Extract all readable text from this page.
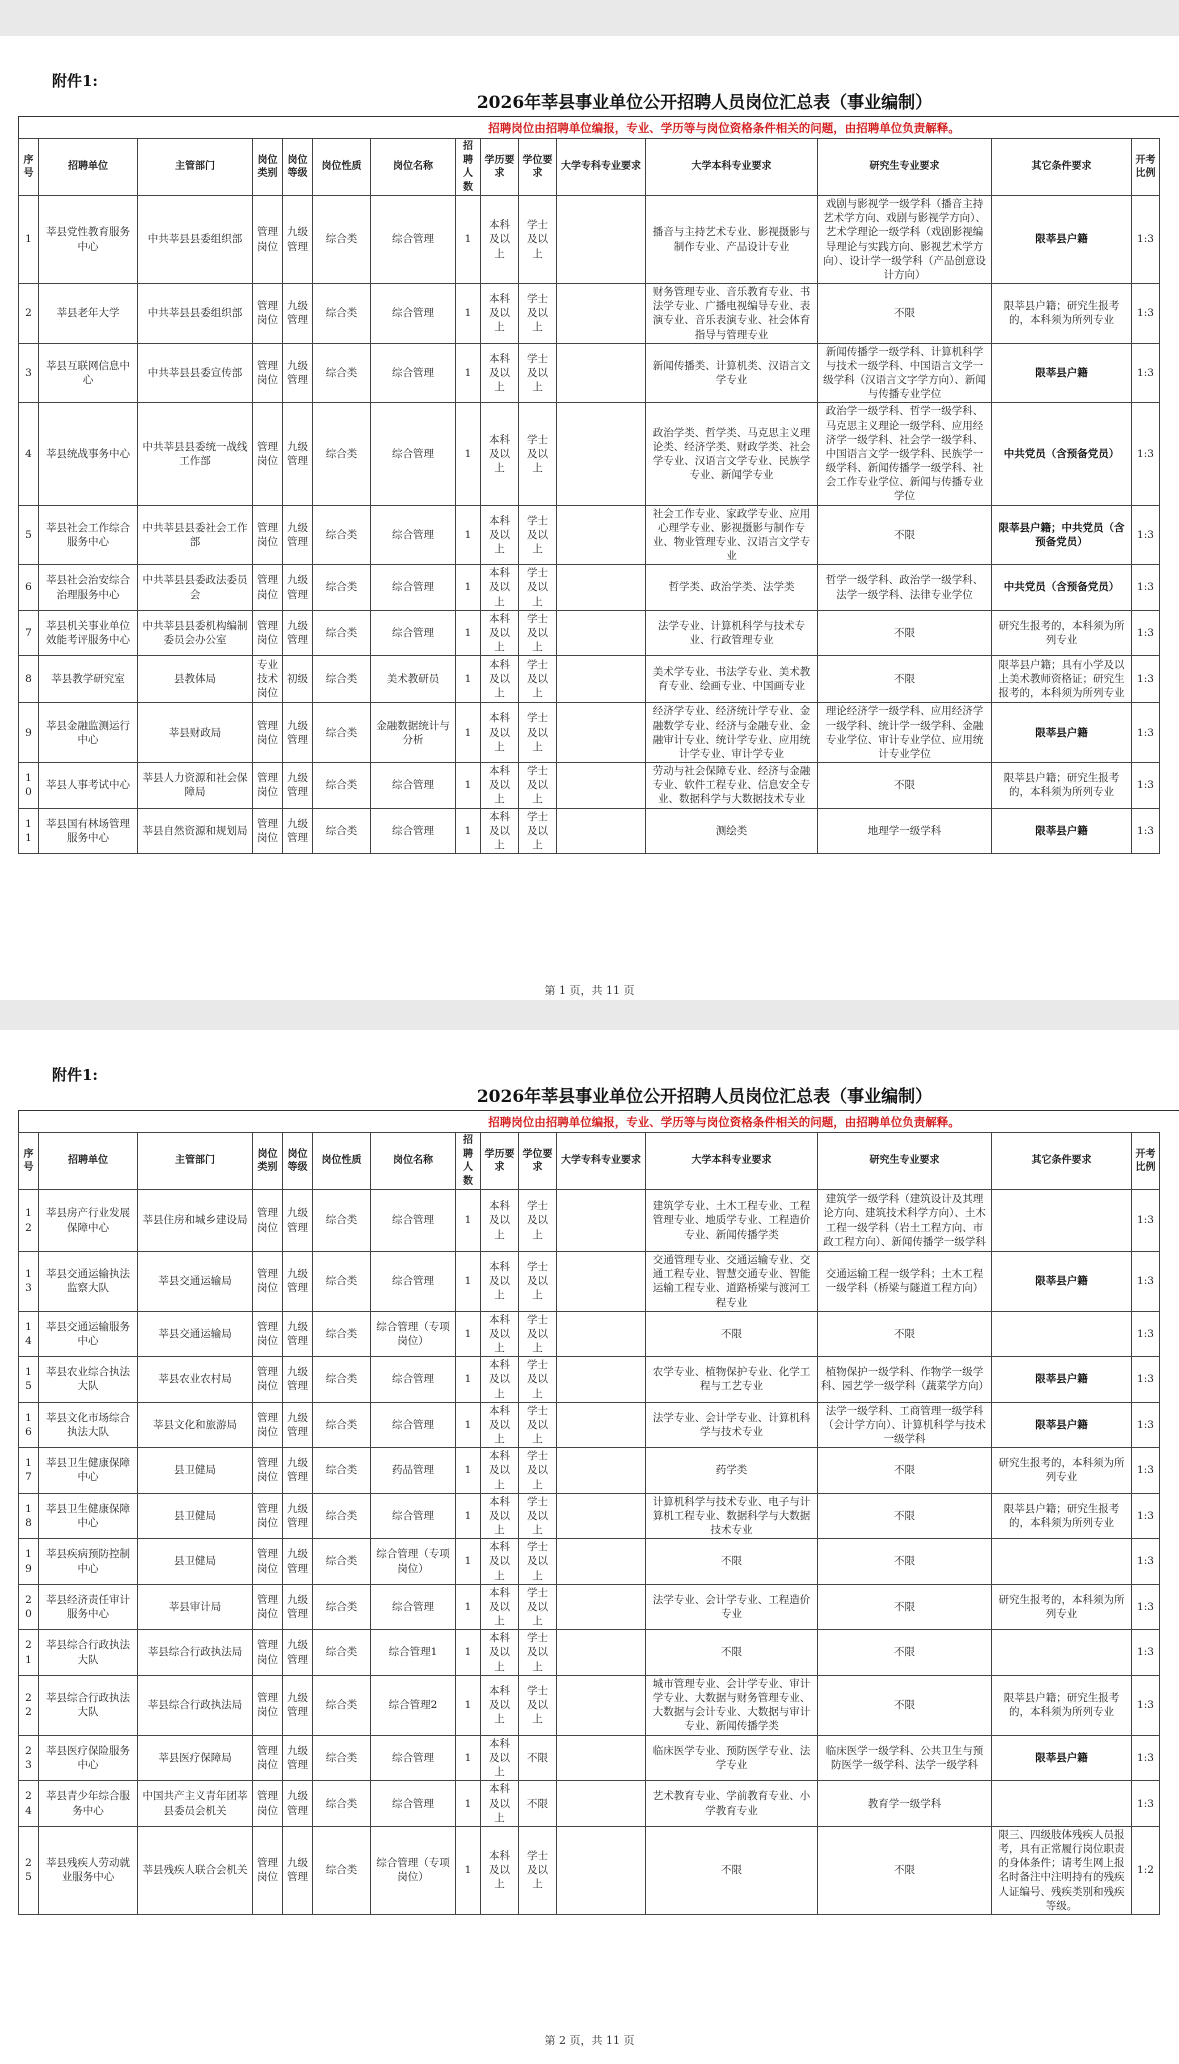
附件1:
2026年莘县事业单位公开招聘人员岗位汇总表（事业编制）
招聘岗位由招聘单位编报，专业、学历等与岗位资格条件相关的问题，由招聘单位负责解释。
序号	招聘单位	主管部门	岗位类别	岗位等级	岗位性质	岗位名称	招聘人数	学历要求	学位要求	大学专科专业要求	大学本科专业要求	研究生专业要求	其它条件要求	开考比例
1	莘县党性教育服务中心	中共莘县县委组织部	管理岗位	九级管理	综合类	综合管理	1	本科及以上	学士及以上		播音与主持艺术专业、影视摄影与制作专业、产品设计专业	戏剧与影视学一级学科（播音主持艺术学方向、戏剧与影视学方向）、艺术学理论一级学科（戏剧影视编导理论与实践方向、影视艺术学方向）、设计学一级学科（产品创意设计方向）	限莘县户籍	1:3
2	莘县老年大学	中共莘县县委组织部	管理岗位	九级管理	综合类	综合管理	1	本科及以上	学士及以上		财务管理专业、音乐教育专业、书法学专业、广播电视编导专业、表演专业、音乐表演专业、社会体育指导与管理专业	不限	限莘县户籍；研究生报考的，本科须为所列专业	1:3
3	莘县互联网信息中心	中共莘县县委宣传部	管理岗位	九级管理	综合类	综合管理	1	本科及以上	学士及以上		新闻传播类、计算机类、汉语言文学专业	新闻传播学一级学科、计算机科学与技术一级学科、中国语言文学一级学科（汉语言文字学方向）、新闻与传播专业学位	限莘县户籍	1:3
4	莘县统战事务中心	中共莘县县委统一战线工作部	管理岗位	九级管理	综合类	综合管理	1	本科及以上	学士及以上		政治学类、哲学类、马克思主义理论类、经济学类、财政学类、社会学专业、汉语言文学专业、民族学专业、新闻学专业	政治学一级学科、哲学一级学科、马克思主义理论一级学科、应用经济学一级学科、社会学一级学科、中国语言文学一级学科、民族学一级学科、新闻传播学一级学科、社会工作专业学位、新闻与传播专业学位	中共党员（含预备党员）	1:3
5	莘县社会工作综合服务中心	中共莘县县委社会工作部	管理岗位	九级管理	综合类	综合管理	1	本科及以上	学士及以上		社会工作专业、家政学专业、应用心理学专业、影视摄影与制作专业、物业管理专业、汉语言文学专业	不限	限莘县户籍；中共党员（含预备党员）	1:3
6	莘县社会治安综合治理服务中心	中共莘县县委政法委员会	管理岗位	九级管理	综合类	综合管理	1	本科及以上	学士及以上		哲学类、政治学类、法学类	哲学一级学科、政治学一级学科、法学一级学科、法律专业学位	中共党员（含预备党员）	1:3
7	莘县机关事业单位效能考评服务中心	中共莘县县委机构编制委员会办公室	管理岗位	九级管理	综合类	综合管理	1	本科及以上	学士及以上		法学专业、计算机科学与技术专业、行政管理专业	不限	研究生报考的，本科须为所列专业	1:3
8	莘县教学研究室	县教体局	专业技术岗位	初级	综合类	美术教研员	1	本科及以上	学士及以上		美术学专业、书法学专业、美术教育专业、绘画专业、中国画专业	不限	限莘县户籍；具有小学及以上美术教师资格证；研究生报考的，本科须为所列专业	1:3
9	莘县金融监测运行中心	莘县财政局	管理岗位	九级管理	综合类	金融数据统计与分析	1	本科及以上	学士及以上		经济学专业、经济统计学专业、金融数学专业、经济与金融专业、金融审计专业、统计学专业、应用统计学专业、审计学专业	理论经济学一级学科、应用经济学一级学科、统计学一级学科、金融专业学位、审计专业学位、应用统计专业学位	限莘县户籍	1:3
10	莘县人事考试中心	莘县人力资源和社会保障局	管理岗位	九级管理	综合类	综合管理	1	本科及以上	学士及以上		劳动与社会保障专业、经济与金融专业、软件工程专业、信息安全专业、数据科学与大数据技术专业	不限	限莘县户籍；研究生报考的，本科须为所列专业	1:3
11	莘县国有林场管理服务中心	莘县自然资源和规划局	管理岗位	九级管理	综合类	综合管理	1	本科及以上	学士及以上		测绘类	地理学一级学科	限莘县户籍	1:3
第 1 页，共 11 页
附件1:
2026年莘县事业单位公开招聘人员岗位汇总表（事业编制）
招聘岗位由招聘单位编报，专业、学历等与岗位资格条件相关的问题，由招聘单位负责解释。
序号	招聘单位	主管部门	岗位类别	岗位等级	岗位性质	岗位名称	招聘人数	学历要求	学位要求	大学专科专业要求	大学本科专业要求	研究生专业要求	其它条件要求	开考比例
12	莘县房产行业发展保障中心	莘县住房和城乡建设局	管理岗位	九级管理	综合类	综合管理	1	本科及以上	学士及以上		建筑学专业、土木工程专业、工程管理专业、地质学专业、工程造价专业、新闻传播学类	建筑学一级学科（建筑设计及其理论方向、建筑技术科学方向）、土木工程一级学科（岩土工程方向、市政工程方向）、新闻传播学一级学科		1:3
13	莘县交通运输执法监察大队	莘县交通运输局	管理岗位	九级管理	综合类	综合管理	1	本科及以上	学士及以上		交通管理专业、交通运输专业、交通工程专业、智慧交通专业、智能运输工程专业、道路桥梁与渡河工程专业	交通运输工程一级学科；土木工程一级学科（桥梁与隧道工程方向）	限莘县户籍	1:3
14	莘县交通运输服务中心	莘县交通运输局	管理岗位	九级管理	综合类	综合管理（专项岗位）	1	本科及以上	学士及以上		不限	不限		1:3
15	莘县农业综合执法大队	莘县农业农村局	管理岗位	九级管理	综合类	综合管理	1	本科及以上	学士及以上		农学专业、植物保护专业、化学工程与工艺专业	植物保护一级学科、作物学一级学科、园艺学一级学科（蔬菜学方向）	限莘县户籍	1:3
16	莘县文化市场综合执法大队	莘县文化和旅游局	管理岗位	九级管理	综合类	综合管理	1	本科及以上	学士及以上		法学专业、会计学专业、计算机科学与技术专业	法学一级学科、工商管理一级学科（会计学方向）、计算机科学与技术一级学科	限莘县户籍	1:3
17	莘县卫生健康保障中心	县卫健局	管理岗位	九级管理	综合类	药品管理	1	本科及以上	学士及以上		药学类	不限	研究生报考的，本科须为所列专业	1:3
18	莘县卫生健康保障中心	县卫健局	管理岗位	九级管理	综合类	综合管理	1	本科及以上	学士及以上		计算机科学与技术专业、电子与计算机工程专业、数据科学与大数据技术专业	不限	限莘县户籍；研究生报考的，本科须为所列专业	1:3
19	莘县疾病预防控制中心	县卫健局	管理岗位	九级管理	综合类	综合管理（专项岗位）	1	本科及以上	学士及以上		不限	不限		1:3
20	莘县经济责任审计服务中心	莘县审计局	管理岗位	九级管理	综合类	综合管理	1	本科及以上	学士及以上		法学专业、会计学专业、工程造价专业	不限	研究生报考的，本科须为所列专业	1:3
21	莘县综合行政执法大队	莘县综合行政执法局	管理岗位	九级管理	综合类	综合管理1	1	本科及以上	学士及以上		不限	不限		1:3
22	莘县综合行政执法大队	莘县综合行政执法局	管理岗位	九级管理	综合类	综合管理2	1	本科及以上	学士及以上		城市管理专业、会计学专业、审计学专业、大数据与财务管理专业、大数据与会计专业、大数据与审计专业、新闻传播学类	不限	限莘县户籍；研究生报考的，本科须为所列专业	1:3
23	莘县医疗保险服务中心	莘县医疗保障局	管理岗位	九级管理	综合类	综合管理	1	本科及以上	不限		临床医学专业、预防医学专业、法学专业	临床医学一级学科、公共卫生与预防医学一级学科、法学一级学科	限莘县户籍	1:3
24	莘县青少年综合服务中心	中国共产主义青年团莘县委员会机关	管理岗位	九级管理	综合类	综合管理	1	本科及以上	不限		艺术教育专业、学前教育专业、小学教育专业	教育学一级学科		1:3
25	莘县残疾人劳动就业服务中心	莘县残疾人联合会机关	管理岗位	九级管理	综合类	综合管理（专项岗位）	1	本科及以上	学士及以上		不限	不限	限三、四级肢体残疾人员报考，具有正常履行岗位职责的身体条件；请考生网上报名时备注中注明持有的残疾人证编号、残疾类别和残疾等级。	1:2
第 2 页，共 11 页
